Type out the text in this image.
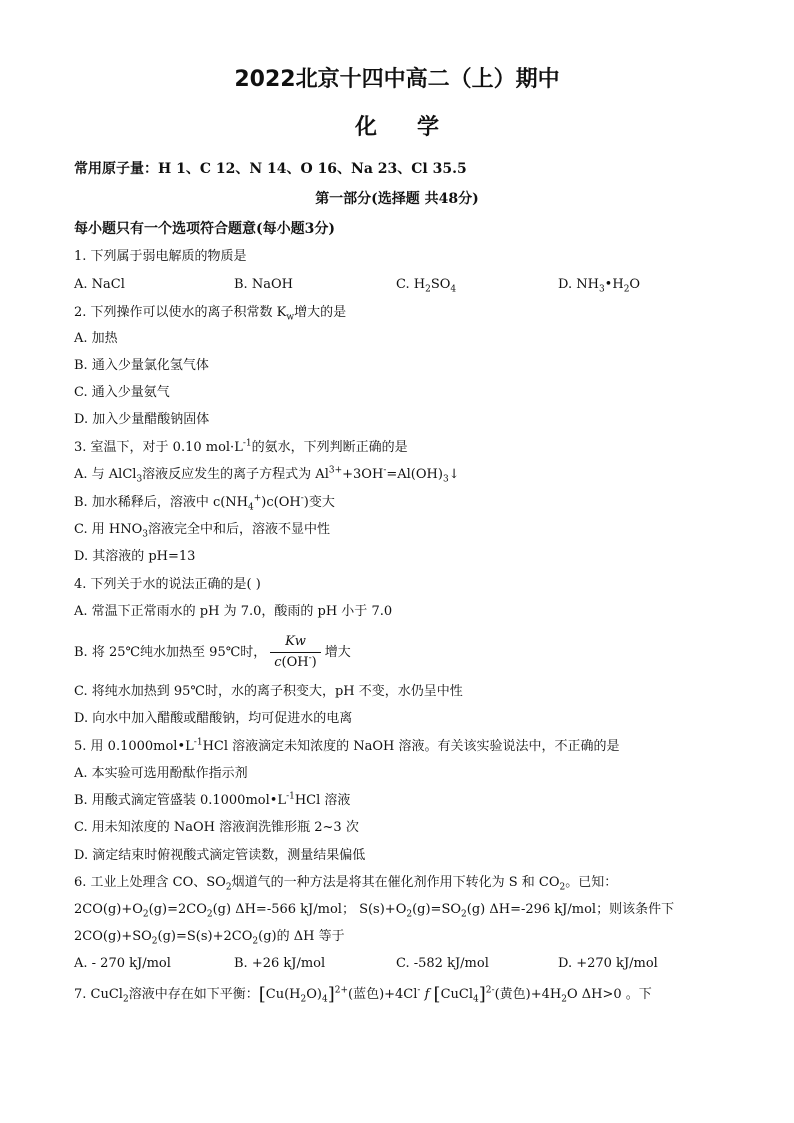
2022北京十四中高二（上）期中
化学
常用原子量：H 1、C 12、N 14、O 16、Na 23、Cl 35.5
第一部分(选择题 共48分)
每小题只有一个选项符合题意(每小题3分)
1. 下列属于弱电解质的物质是
A. NaCl	B. NaOH	C. $H_2SO_4$	D. $NH_3•H_2O$
2. 下列操作可以使水的离子积常数 $K_w$增大的是
A. 加热
B. 通入少量氯化氢气体
C. 通入少量氨气
D. 加入少量醋酸钠固体
3. 室温下，对于 0.10 $mol\cdot L^{-1}$的氨水，下列判断正确的是
A. 与 AlCl$_3$溶液反应发生的离子方程式为 $Al^{3+}+3OH^-=Al(OH)_3↓$
B. 加水稀释后，溶液中 $c(NH_4^+)c(OH^-)$变大
C. 用 $HNO_3$溶液完全中和后，溶液不显中性
D. 其溶液的 pH=13
4. 下列关于水的说法正确的是( )
A. 常温下正常雨水的 pH 为 7.0，酸雨的 pH 小于 7.0
B. 将 25℃纯水加热至 95℃时， $\frac{Kw}{c(OH^-)}$ 增大
C. 将纯水加热到 95℃时，水的离子积变大，pH 不变，水仍呈中性
D. 向水中加入醋酸或醋酸钠，均可促进水的电离
5. 用 $0.1000mol•L^{-1}HCl$ 溶液滴定未知浓度的 NaOH 溶液。有关该实验说法中，不正确的是
A. 本实验可选用酚酞作指示剂
B. 用酸式滴定管盛装 $0.1000mol•L^{-1}HCl$ 溶液
C. 用未知浓度的 NaOH 溶液润洗锥形瓶 2~3 次
D. 滴定结束时俯视酸式滴定管读数，测量结果偏低
6. 工业上处理含 CO、$SO_2$烟道气的一种方法是将其在催化剂作用下转化为 S 和 $CO_2$。已知：
$2CO(g)+O_2(g)=2CO_2(g)$ ΔH=-566 kJ/mol； $S(s)+O_2(g)=SO_2(g)$ ΔH=-296 kJ/mol；则该条件下
$2CO(g)+SO_2(g)=S(s)+2CO_2(g)$的 ΔH 等于
A. - 270 kJ/mol	B. +26 kJ/mol	C. -582 kJ/mol	D. +270 kJ/mol
7. CuCl$_2$溶液中存在如下平衡：$[Cu(H_2O)_4]^{2+}$(蓝色)+4Cl- f [CuCl$_4$]$^{2-}$(黄色)$+4H_2O$ ΔH>0 。下
